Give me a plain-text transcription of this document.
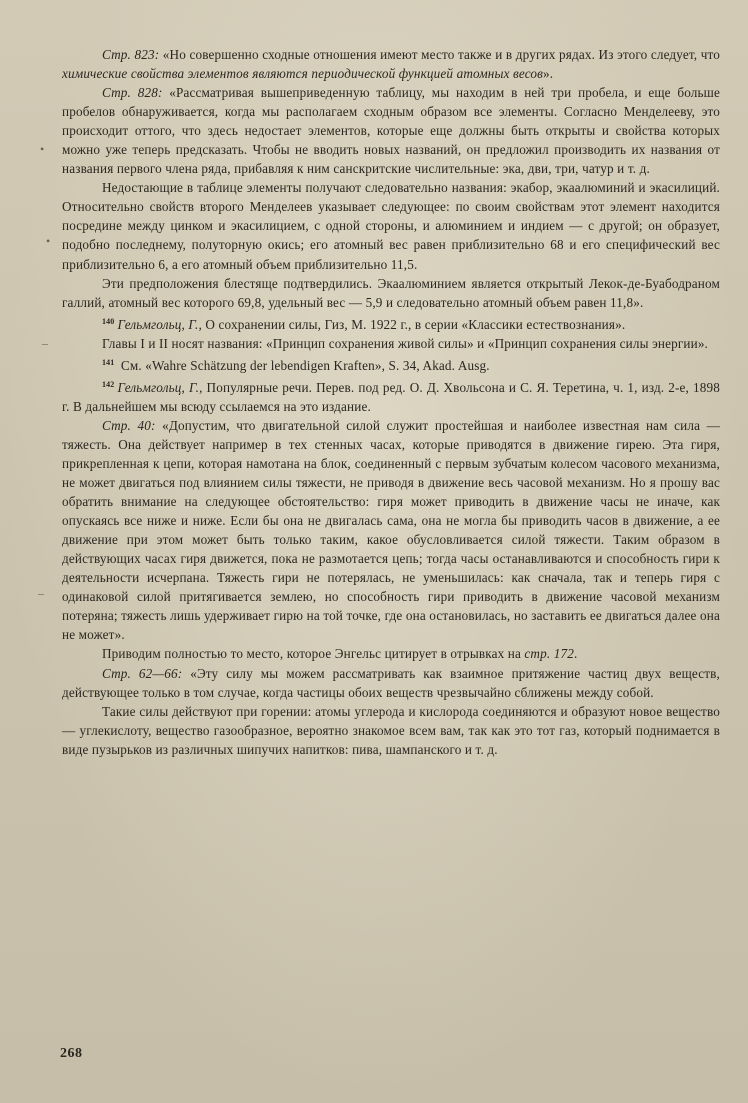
Стр. 823: «Но совершенно сходные отношения имеют место также и в других рядах. Из этого следует, что химические свойства элементов являются периодической функцией атомных весов».

Стр. 828: «Рассматривая вышеприведенную таблицу, мы находим в ней три пробела, и еще больше пробелов обнаруживается, когда мы располагаем сходным образом все элементы. Согласно Менделееву, это происходит оттого, что здесь недостает элементов, которые еще должны быть открыты и свойства которых можно уже теперь предсказать. Чтобы не вводить новых названий, он предложил производить их названия от названия первого члена ряда, прибавляя к ним санскритские числительные: эка, дви, три, чатур и т. д.

Недостающие в таблице элементы получают следовательно названия: экабор, экаалюминий и экасилиций. Относительно свойств второго Менделеев указывает следующее: по своим свойствам этот элемент находится посредине между цинком и экасилицием, с одной стороны, и алюминием и индием — с другой; он образует, подобно последнему, полуторную окись; его атомный вес равен приблизительно 68 и его специфический вес приблизительно 6, а его атомный объем приблизительно 11,5.

Эти предположения блестяще подтвердились. Экаалюминием является открытый Лекок-де-Буабодраном галлий, атомный вес которого 69,8, удельный вес — 5,9 и следовательно атомный объем равен 11,8».

$^{140}$ Гельмгольц, Г., О сохранении силы, Гиз, М. 1922 г., в серии «Классики естествознания».

Главы I и II носят названия: «Принцип сохранения живой силы» и «Принцип сохранения силы энергии».

$^{141}$ См. «Wahre Schätzung der lebendigen Kraften», S. 34, Akad. Ausg.

$^{142}$ Гельмгольц, Г., Популярные речи. Перев. под ред. О. Д. Хвольсона и С. Я. Теретина, ч. 1, изд. 2-е, 1898 г. В дальнейшем мы всюду ссылаемся на это издание.

Стр. 40: «Допустим, что двигательной силой служит простейшая и наиболее известная нам сила — тяжесть. Она действует например в тех стенных часах, которые приводятся в движение гирею. Эта гиря, прикрепленная к цепи, которая намотана на блок, соединенный с первым зубчатым колесом часового механизма, не может двигаться под влиянием силы тяжести, не приводя в движение весь часовой механизм. Но я прошу вас обратить внимание на следующее обстоятельство: гиря может приводить в движение часы не иначе, как опускаясь все ниже и ниже. Если бы она не двигалась сама, она не могла бы приводить часов в движение, а ее движение при этом может быть только таким, какое обусловливается силой тяжести. Таким образом в действующих часах гиря движется, пока не размотается цепь; тогда часы останавливаются и способность гири к деятельности исчерпана. Тяжесть гири не потерялась, не уменьшилась: как сначала, так и теперь гиря с одинаковой силой притягивается землею, но способность гири приводить в движение часовой механизм потеряна; тяжесть лишь удерживает гирю на той точке, где она остановилась, но заставить ее двигаться далее она не может».

Приводим полностью то место, которое Энгельс цитирует в отрывках на стр. 172.

Стр. 62—66: «Эту силу мы можем рассматривать как взаимное притяжение частиц двух веществ, действующее только в том случае, когда частицы обоих веществ чрезвычайно сближены между собой.

Такие силы действуют при горении: атомы углерода и кислорода соединяются и образуют новое вещество — углекислоту, вещество газообразное, вероятно знакомое всем вам, так как это тот газ, который поднимается в виде пузырьков из различных шипучих напитков: пива, шампанского и т. д.

•
•
–
–
268
